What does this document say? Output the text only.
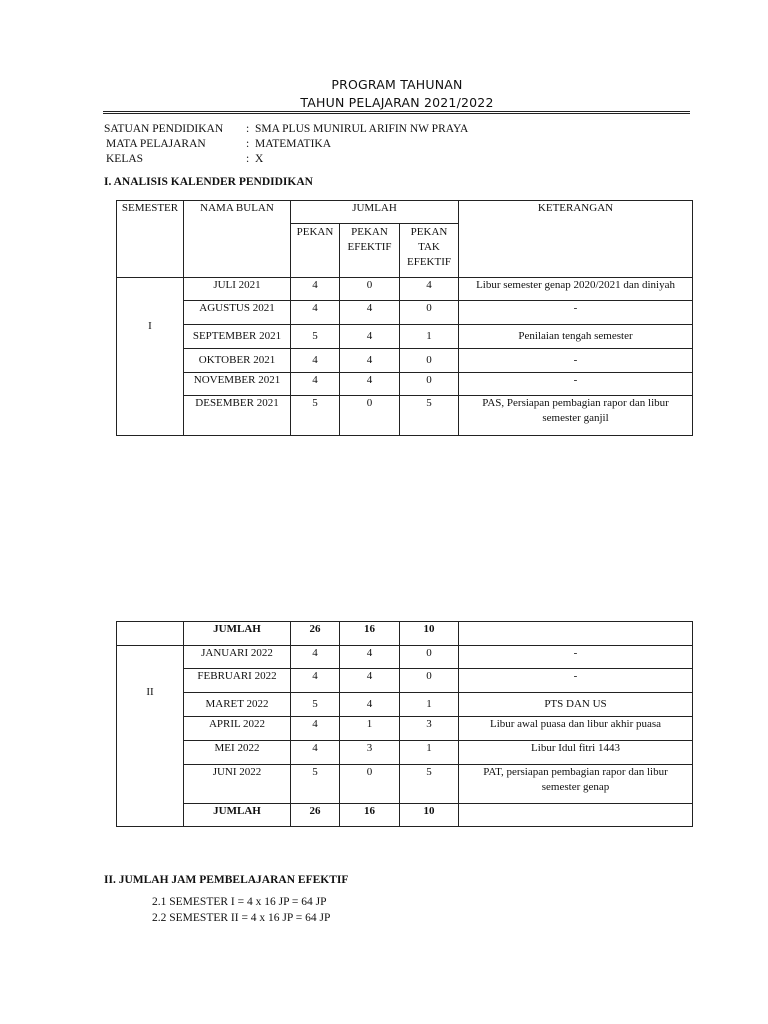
PROGRAM TAHUNAN
TAHUN PELAJARAN 2021/2022
SATUAN PENDIDIKAN : SMA PLUS MUNIRUL ARIFIN NW PRAYA
MATA PELAJARAN	: MATEMATIKA
KELAS	: X
I. ANALISIS KALENDER PENDIDIKAN
SEMESTER	NAMA BULAN	JUMLAH			KETERANGAN
		PEKAN	PEKAN EFEKTIF	PEKAN TAK EFEKTIF	
I	JULI 2021	4	0	4	Libur semester genap 2020/2021 dan diniyah
	AGUSTUS 2021	4	4	0	-
	SEPTEMBER 2021	5	4	1	Penilaian tengah semester
	OKTOBER 2021	4	4	0	-
	NOVEMBER 2021	4	4	0	-
	DESEMBER 2021	5	0	5	PAS, Persiapan pembagian rapor dan libur semester ganjil
	JUMLAH	26	16	10	
II	JANUARI 2022	4	4	0	-
	FEBRUARI 2022	4	4	0	-
	MARET 2022	5	4	1	PTS DAN US
	APRIL 2022	4	1	3	Libur awal puasa dan libur akhir puasa
	MEI 2022	4	3	1	Libur Idul fitri 1443
	JUNI 2022	5	0	5	PAT, persiapan pembagian rapor dan libur semester genap
	JUMLAH	26	16	10	
II. JUMLAH JAM PEMBELAJARAN EFEKTIF
2.1 SEMESTER I = 4 x 16 JP = 64 JP
2.2 SEMESTER II = 4 x 16 JP = 64 JP
